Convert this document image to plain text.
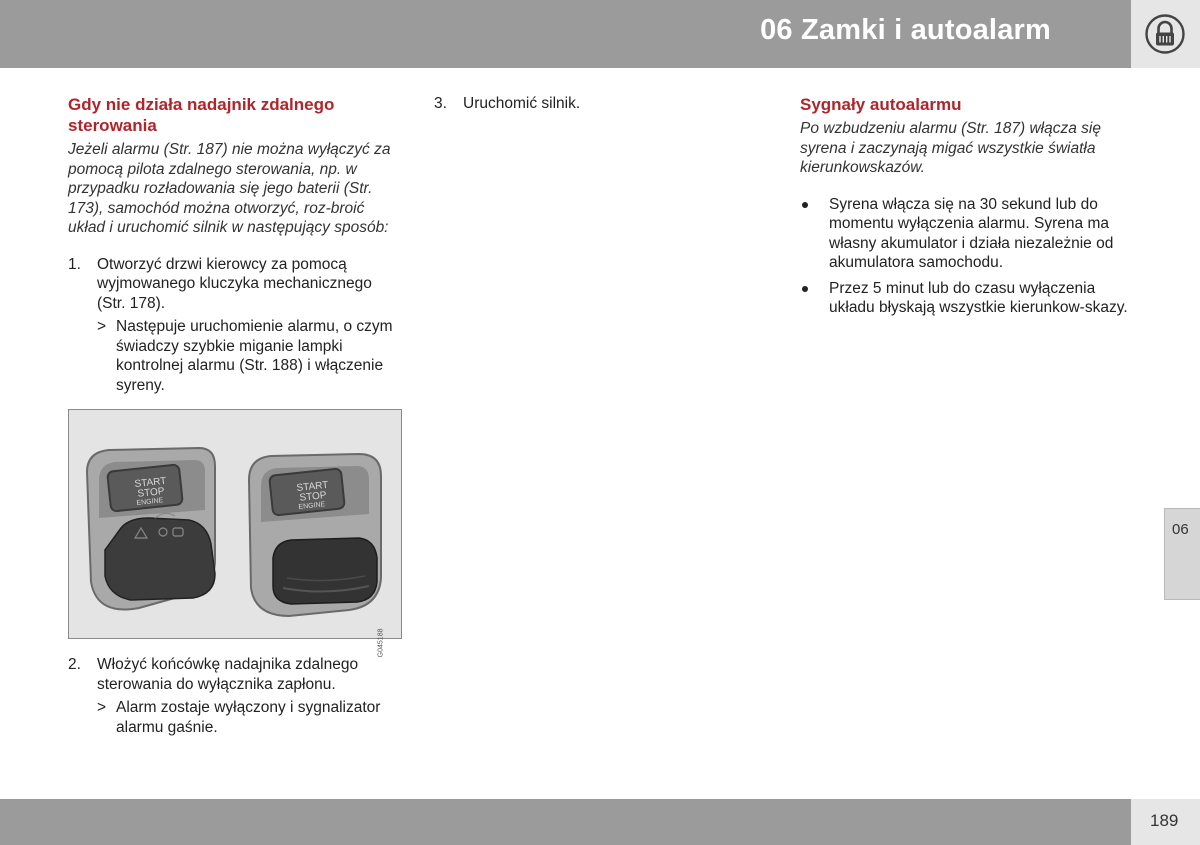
06 Zamki i autoalarm
Gdy nie działa nadajnik zdalnego sterowania

Jeżeli alarmu (Str. 187) nie można wyłączyć za pomocą pilota zdalnego sterowania, np. w przypadku rozładowania się jego baterii (Str. 173), samochód można otworzyć, roz-broić układ i uruchomić silnik w następujący sposób:

1. Otworzyć drzwi kierowcy za pomocą wyjmowanego kluczyka mechanicznego (Str. 178).
> Następuje uruchomienie alarmu, o czym świadczy szybkie miganie lampki kontrolnej alarmu (Str. 188) i włączenie syreny.
START
STOP
ENGINE
START
STOP
ENGINE
G045188
2. Włożyć końcówkę nadajnika zdalnego sterowania do wyłącznika zapłonu.
> Alarm zostaje wyłączony i sygnalizator alarmu gaśnie.
3. Uruchomić silnik.	Sygnały autoalarmu

Po wzbudzeniu alarmu (Str. 187) włącza się syrena i zaczynają migać wszystkie światła kierunkowskazów.

Syrena włącza się na 30 sekund lub do momentu wyłączenia alarmu. Syrena ma własny akumulator i działa niezależnie od akumulatora samochodu.
Przez 5 minut lub do czasu wyłączenia układu błyskają wszystkie kierunkow-skazy.
06
189
